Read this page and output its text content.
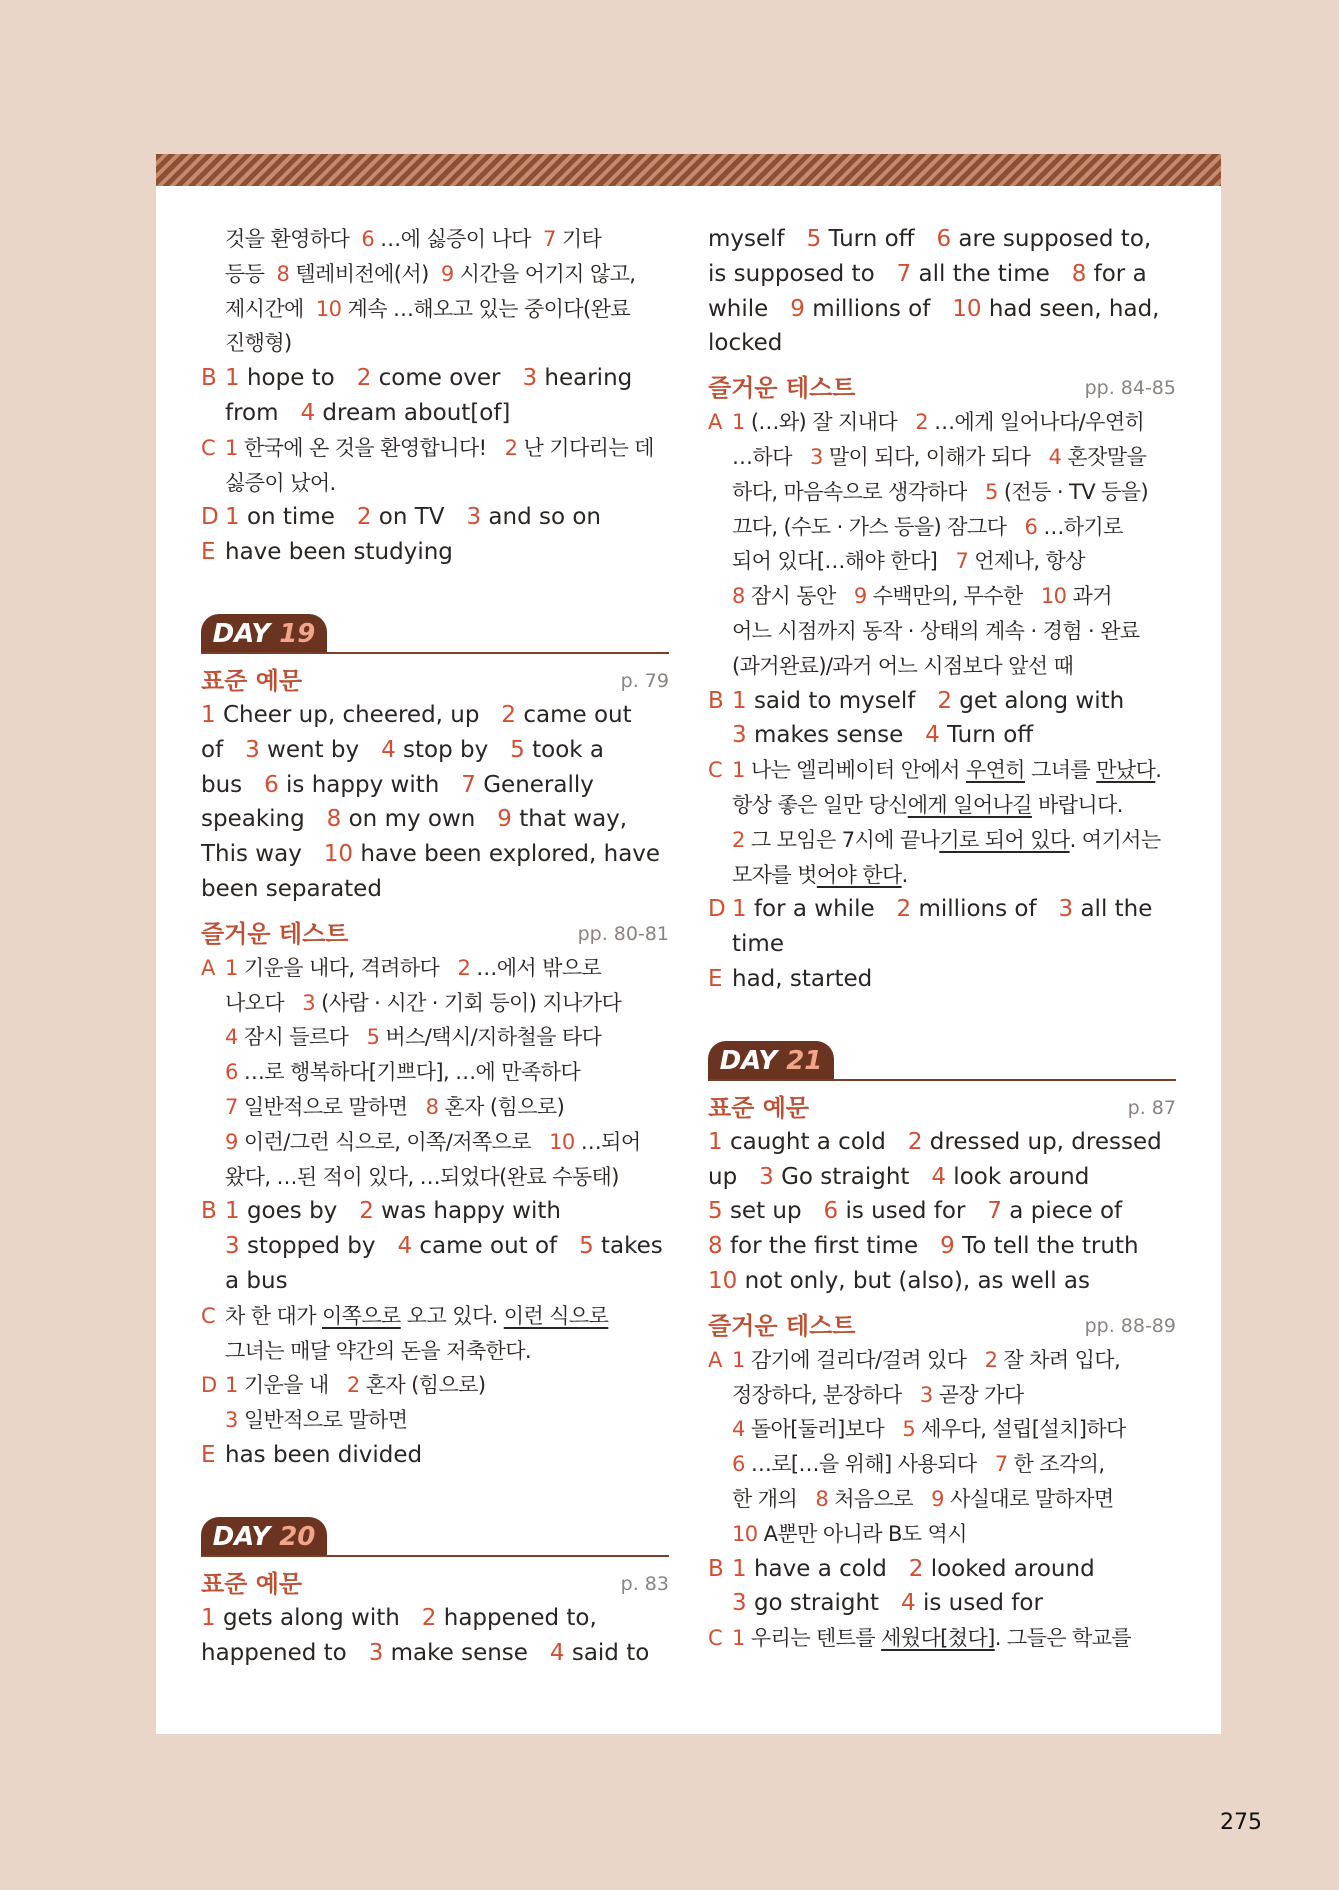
것을 환영하다  6 …에 싫증이 나다  7 기타
등등  8 텔레비전에(서)  9 시간을 어기지 않고,
제시간에  10 계속 …해오고 있는 중이다(완료
진행형)
B 1 hope to   2 come over   3 hearing
from   4 dream about[of]
C 1 한국에 온 것을 환영합니다!   2 난 기다리는 데
싫증이 났어.
D 1 on time   2 on TV   3 and so on
E have been studying
DAY 19
표준 예문	p. 79
1 Cheer up, cheered, up   2 came out
of   3 went by   4 stop by   5 took a
bus   6 is happy with   7 Generally
speaking   8 on my own   9 that way,
This way   10 have been explored, have
been separated
즐거운 테스트	pp. 80-81
A 1 기운을 내다, 격려하다   2 …에서 밖으로
나오다   3 (사람 · 시간 · 기회 등이) 지나가다
4 잠시 들르다   5 버스/택시/지하철을 타다
6 …로 행복하다[기쁘다], …에 만족하다
7 일반적으로 말하면   8 혼자 (힘으로)
9 이런/그런 식으로, 이쪽/저쪽으로   10 …되어
왔다, …된 적이 있다, …되었다(완료 수동태)
B 1 goes by   2 was happy with
3 stopped by   4 came out of   5 takes
a bus
C 차 한 대가 이쪽으로 오고 있다. 이런 식으로
그녀는 매달 약간의 돈을 저축한다.
D 1 기운을 내   2 혼자 (힘으로)
3 일반적으로 말하면
E has been divided
DAY 20
표준 예문	p. 83
1 gets along with   2 happened to,
happened to   3 make sense   4 said to
myself   5 Turn off   6 are supposed to,
is supposed to   7 all the time   8 for a
while   9 millions of   10 had seen, had,
locked
즐거운 테스트	pp. 84-85
A 1 (…와) 잘 지내다   2 …에게 일어나다/우연히
…하다   3 말이 되다, 이해가 되다   4 혼잣말을
하다, 마음속으로 생각하다   5 (전등 · TV 등을)
끄다, (수도 · 가스 등을) 잠그다   6 …하기로
되어 있다[…해야 한다]   7 언제나, 항상
8 잠시 동안   9 수백만의, 무수한   10 과거
어느 시점까지 동작 · 상태의 계속 · 경험 · 완료
(과거완료)/과거 어느 시점보다 앞선 때
B 1 said to myself   2 get along with
3 makes sense   4 Turn off
C 1 나는 엘리베이터 안에서 우연히 그녀를 만났다.
항상 좋은 일만 당신에게 일어나길 바랍니다.
2 그 모임은 7시에 끝나기로 되어 있다. 여기서는
모자를 벗어야 한다.
D 1 for a while   2 millions of   3 all the
time
E had, started
DAY 21
표준 예문	p. 87
1 caught a cold   2 dressed up, dressed
up   3 Go straight   4 look around
5 set up   6 is used for   7 a piece of
8 for the first time   9 To tell the truth
10 not only, but (also), as well as
즐거운 테스트	pp. 88-89
A 1 감기에 걸리다/걸려 있다   2 잘 차려 입다,
정장하다, 분장하다   3 곧장 가다
4 돌아[둘러]보다   5 세우다, 설립[설치]하다
6 …로[…을 위해] 사용되다   7 한 조각의,
한 개의   8 처음으로   9 사실대로 말하자면
10 A뿐만 아니라 B도 역시
B 1 have a cold   2 looked around
3 go straight   4 is used for
C 1 우리는 텐트를 세웠다[쳤다]. 그들은 학교를
275
